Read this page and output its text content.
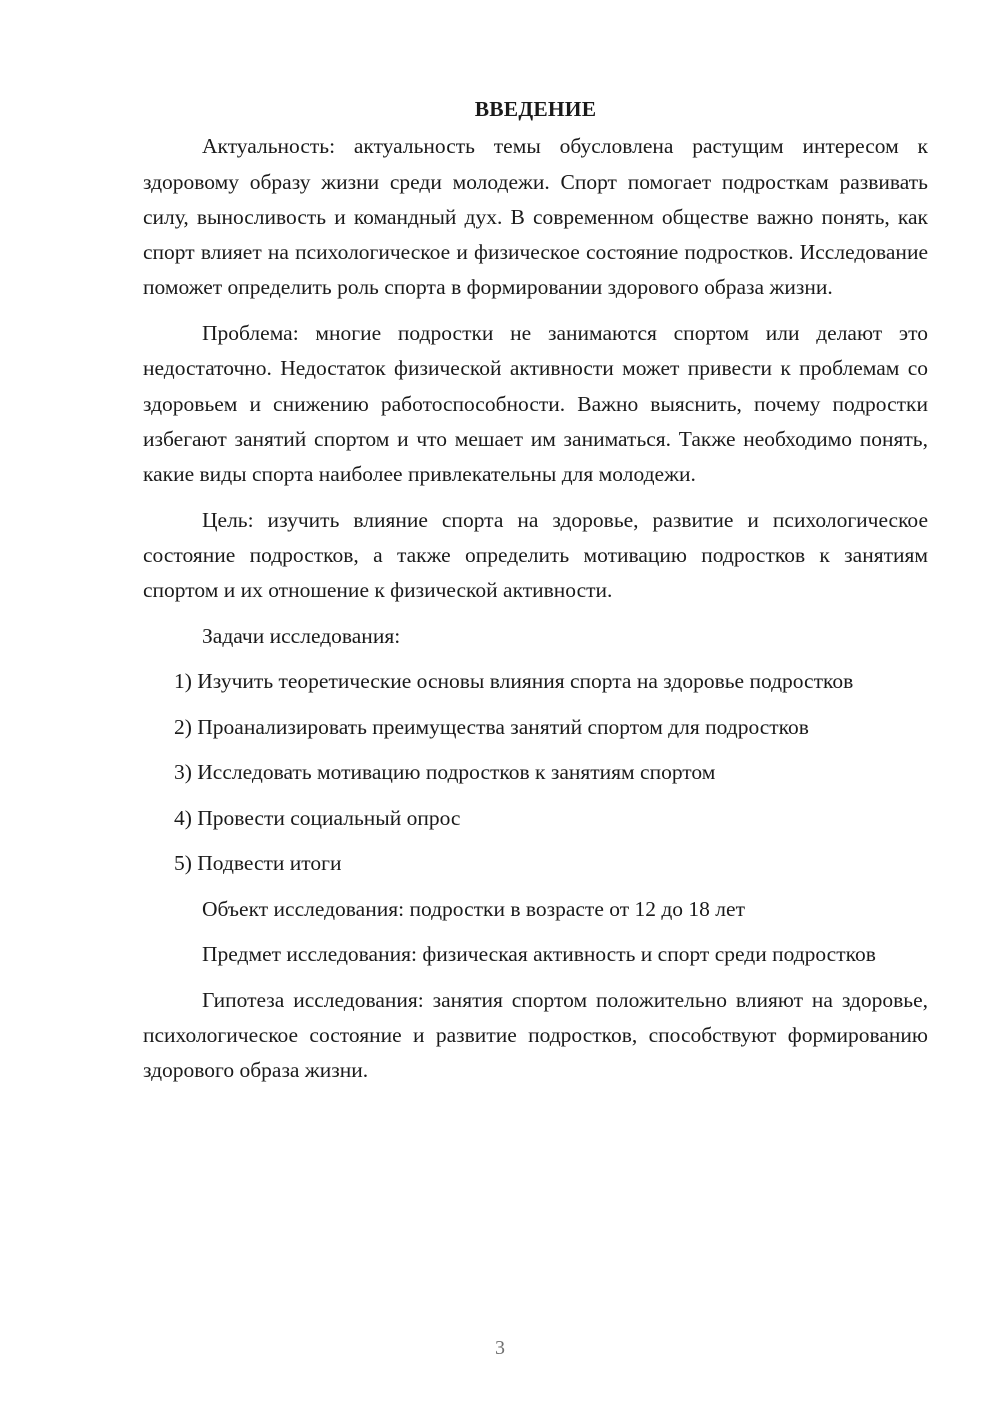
ВВЕДЕНИЕ

Актуальность: актуальность темы обусловлена растущим интересом к здоровому образу жизни среди молодежи. Спорт помогает подросткам развивать силу, выносливость и командный дух. В современном обществе важно понять, как спорт влияет на психологическое и физическое состояние подростков. Исследование поможет определить роль спорта в формировании здорового образа жизни.

Проблема: многие подростки не занимаются спортом или делают это недостаточно. Недостаток физической активности может привести к проблемам со здоровьем и снижению работоспособности. Важно выяснить, почему подростки избегают занятий спортом и что мешает им заниматься. Также необходимо понять, какие виды спорта наиболее привлекательны для молодежи.

Цель: изучить влияние спорта на здоровье, развитие и психологическое состояние подростков, а также определить мотивацию подростков к занятиям спортом и их отношение к физической активности.

Задачи исследования:

1) Изучить теоретические основы влияния спорта на здоровье подростков

2) Проанализировать преимущества занятий спортом для подростков

3) Исследовать мотивацию подростков к занятиям спортом

4) Провести социальный опрос

5) Подвести итоги

Объект исследования: подростки в возрасте от 12 до 18 лет

Предмет исследования: физическая активность и спорт среди подростков

Гипотеза исследования: занятия спортом положительно влияют на здоровье, психологическое состояние и развитие подростков, способствуют формированию здорового образа жизни.

3
